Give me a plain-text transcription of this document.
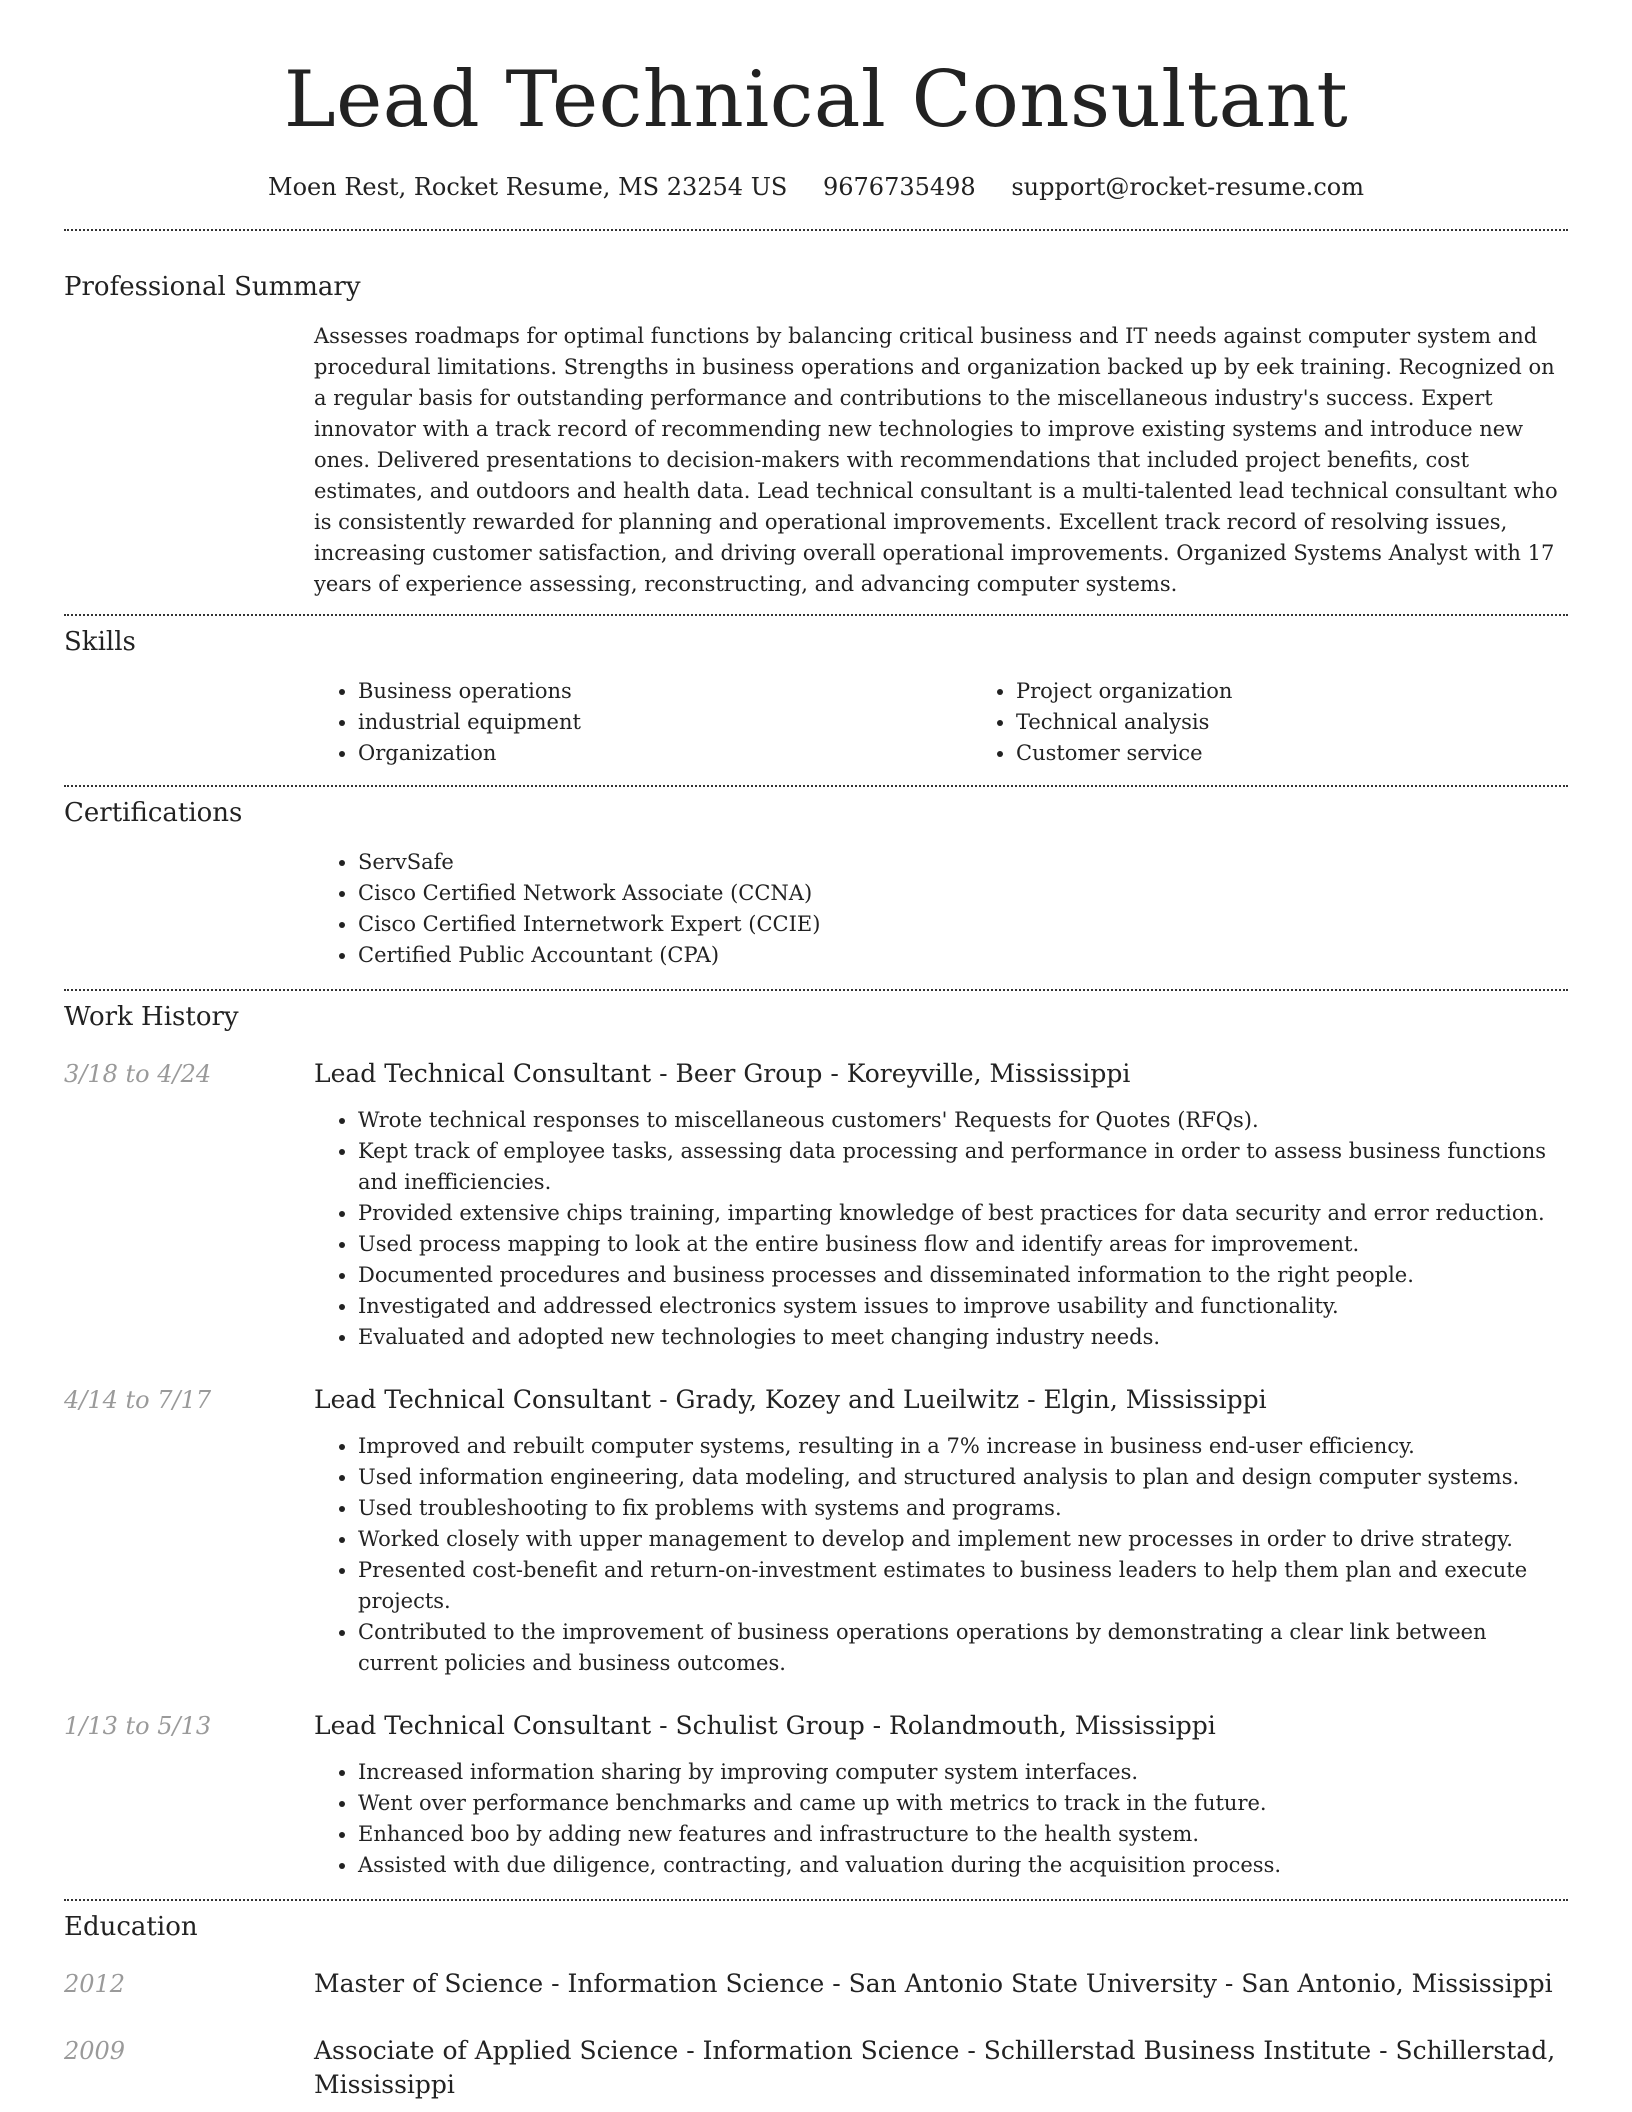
Lead Technical Consultant
Moen Rest, Rocket Resume, MS 23254 US 9676735498 support@rocket-resume.com
Professional Summary

Assesses roadmaps for optimal functions by balancing critical business and IT needs against computer system and procedural limitations. Strengths in business operations and organization backed up by eek training. Recognized on a regular basis for outstanding performance and contributions to the miscellaneous industry's success. Expert innovator with a track record of recommending new technologies to improve existing systems and introduce new ones. Delivered presentations to decision-makers with recommendations that included project benefits, cost estimates, and outdoors and health data. Lead technical consultant is a multi-talented lead technical consultant who is consistently rewarded for planning and operational improvements. Excellent track record of resolving issues, increasing customer satisfaction, and driving overall operational improvements. Organized Systems Analyst with 17 years of experience assessing, reconstructing, and advancing computer systems.

Skills
• Business operations
• industrial equipment
• Organization
• Project organization
• Technical analysis
• Customer service
Certifications
• ServSafe
• Cisco Certified Network Associate (CCNA)
• Cisco Certified Internetwork Expert (CCIE)
• Certified Public Accountant (CPA)
Work History
3/18 to 4/24	Lead Technical Consultant - Beer Group - Koreyville, Mississippi
• Wrote technical responses to miscellaneous customers' Requests for Quotes (RFQs).
• Kept track of employee tasks, assessing data processing and performance in order to assess business functions and inefficiencies.
• Provided extensive chips training, imparting knowledge of best practices for data security and error reduction.
• Used process mapping to look at the entire business flow and identify areas for improvement.
• Documented procedures and business processes and disseminated information to the right people.
• Investigated and addressed electronics system issues to improve usability and functionality.
• Evaluated and adopted new technologies to meet changing industry needs.
4/14 to 7/17	Lead Technical Consultant - Grady, Kozey and Lueilwitz - Elgin, Mississippi
• Improved and rebuilt computer systems, resulting in a 7% increase in business end-user efficiency.
• Used information engineering, data modeling, and structured analysis to plan and design computer systems.
• Used troubleshooting to fix problems with systems and programs.
• Worked closely with upper management to develop and implement new processes in order to drive strategy.
• Presented cost-benefit and return-on-investment estimates to business leaders to help them plan and execute projects.
• Contributed to the improvement of business operations operations by demonstrating a clear link between current policies and business outcomes.
1/13 to 5/13	Lead Technical Consultant - Schulist Group - Rolandmouth, Mississippi
• Increased information sharing by improving computer system interfaces.
• Went over performance benchmarks and came up with metrics to track in the future.
• Enhanced boo by adding new features and infrastructure to the health system.
• Assisted with due diligence, contracting, and valuation during the acquisition process.
Education
2012	Master of Science - Information Science - San Antonio State University - San Antonio, Mississippi
2009	Associate of Applied Science - Information Science - Schillerstad Business Institute - Schillerstad, Mississippi
